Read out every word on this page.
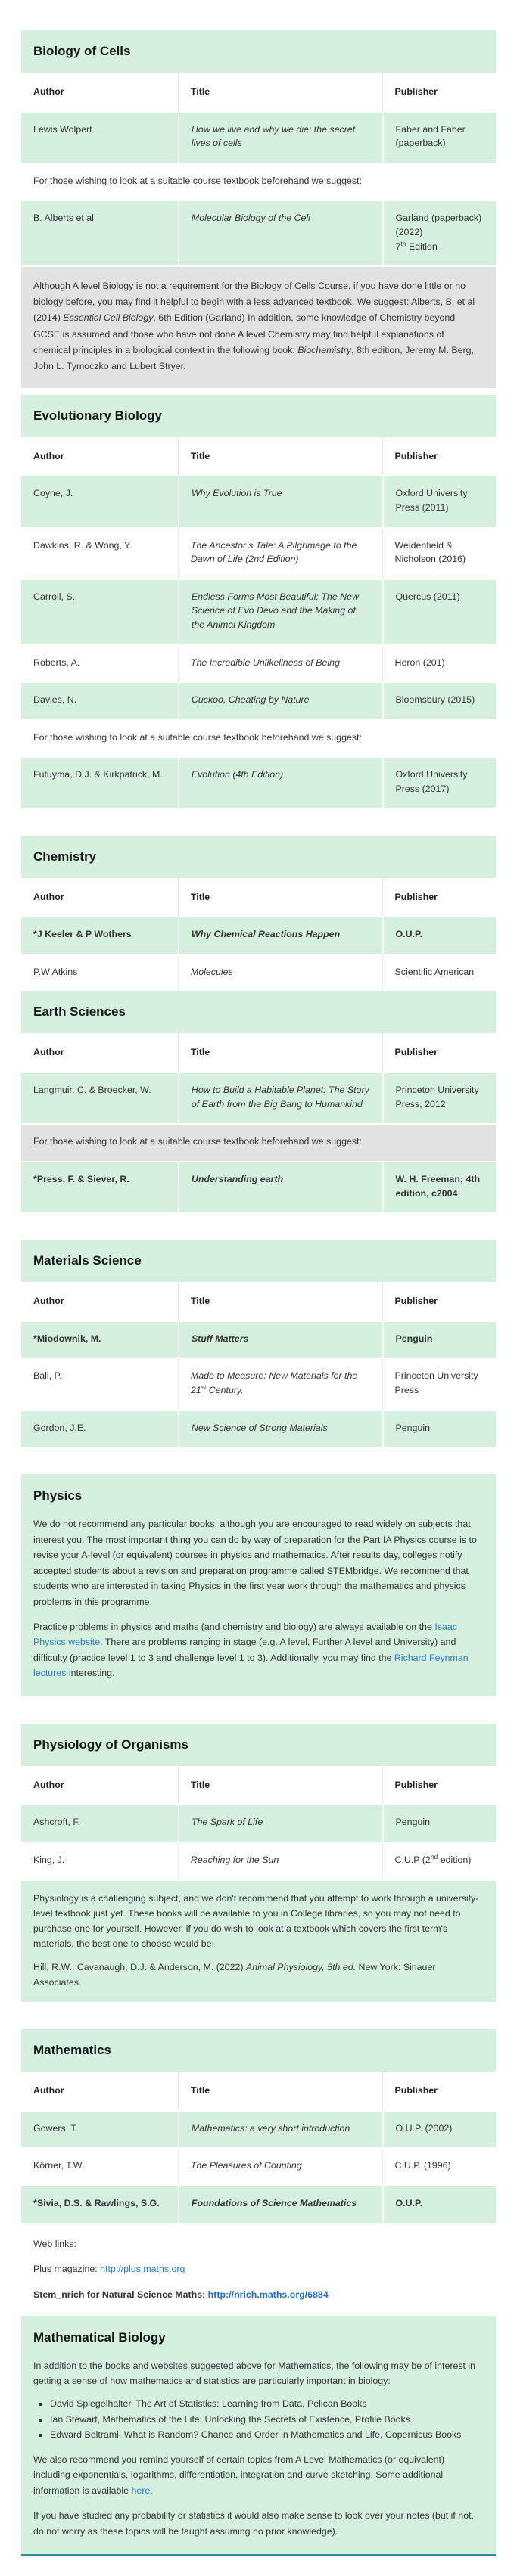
Biology of Cells
Author	Title	Publisher
Lewis Wolpert	How we live and why we die: the secret lives of cells	Faber and Faber (paperback)
For those wishing to look at a suitable course textbook beforehand we suggest:		
B. Alberts et al	Molecular Biology of the Cell	Garland (paperback) (2022)
7th Edition
Although A level Biology is not a requirement for the Biology of Cells Course, if you have done little or no biology before, you may find it helpful to begin with a less advanced textbook. We suggest: Alberts, B. et al (2014) Essential Cell Biology, 6th Edition (Garland) In addition, some knowledge of Chemistry beyond GCSE is assumed and those who have not done A level Chemistry may find helpful explanations of chemical principles in a biological context in the following book: Biochemistry, 8th edition, Jeremy M. Berg, John L. Tymoczko and Lubert Stryer.
Evolutionary Biology
Author	Title	Publisher
Coyne, J.	Why Evolution is True	Oxford University Press (2011)
Dawkins, R. & Wong, Y.	The Ancestor’s Tale: A Pilgrimage to the Dawn of Life (2nd Edition)	Weidenfield & Nicholson (2016)
Carroll, S.	Endless Forms Most Beautiful: The New Science of Evo Devo and the Making of the Animal Kingdom	Quercus (2011)
Roberts, A.	The Incredible Unlikeliness of Being	Heron (201)
Davies, N.	Cuckoo, Cheating by Nature	Bloomsbury (2015)
For those wishing to look at a suitable course textbook beforehand we suggest:		
Futuyma, D.J. & Kirkpatrick, M.	Evolution (4th Edition)	Oxford University Press (2017)
Chemistry
Author	Title	Publisher
*J Keeler & P Wothers	Why Chemical Reactions Happen	O.U.P.
P.W Atkins	Molecules	Scientific American
Earth Sciences
Author	Title	Publisher
Langmuir, C. & Broecker, W.	How to Build a Habitable Planet: The Story of Earth from the Big Bang to Humankind	Princeton University Press, 2012
For those wishing to look at a suitable course textbook beforehand we suggest:		
*Press, F. & Siever, R.	Understanding earth	W. H. Freeman; 4th edition, c2004
Materials Science
Author	Title	Publisher
*Miodownik, M.	Stuff Matters	Penguin
Ball, P.	Made to Measure: New Materials for the 21st Century.	Princeton University Press
Gordon, J.E.	New Science of Strong Materials	Penguin
Physics

We do not recommend any particular books, although you are encouraged to read widely on subjects that interest you. The most important thing you can do by way of preparation for the Part IA Physics course is to revise your A-level (or equivalent) courses in physics and mathematics. After results day, colleges notify accepted students about a revision and preparation programme called STEMbridge. We recommend that students who are interested in taking Physics in the first year work through the mathematics and physics problems in this programme.

Practice problems in physics and maths (and chemistry and biology) are always available on the Isaac Physics website. There are problems ranging in stage (e.g. A level, Further A level and University) and difficulty (practice level 1 to 3 and challenge level 1 to 3). Additionally, you may find the Richard Feynman lectures interesting.

Physiology of Organisms
Author	Title	Publisher
Ashcroft, F.	The Spark of Life	Penguin
King, J.	Reaching for the Sun	C.U.P (2nd edition)

Physiology is a challenging subject, and we don't recommend that you attempt to work through a university-level textbook just yet. These books will be available to you in College libraries, so you may not need to purchase one for yourself. However, if you do wish to look at a textbook which covers the first term's materials, the best one to choose would be:

Hill, R.W., Cavanaugh, D.J. & Anderson, M. (2022) Animal Physiology, 5th ed. New York: Sinauer Associates.		

Mathematics
Author	Title	Publisher
Gowers, T.	Mathematics: a very short introduction	O.U.P. (2002)
Körner, T.W.	The Pleasures of Counting	C.U.P. (1996)
*Sivia, D.S. & Rawlings, S.G.	Foundations of Science Mathematics	O.U.P.

Web links:

Plus magazine: http://plus.maths.org

Stem_nrich for Natural Science Maths: http://nrich.maths.org/6884		

Mathematical Biology

In addition to the books and websites suggested above for Mathematics, the following may be of interest in getting a sense of how mathematics and statistics are particularly important in biology:

▪ David Spiegelhalter, The Art of Statistics: Learning from Data, Pelican Books
▪ Ian Stewart, Mathematics of the Life: Unlocking the Secrets of Existence, Profile Books
▪ Edward Beltrami, What is Random? Chance and Order in Mathematics and Life, Copernicus Books

We also recommend you remind yourself of certain topics from A Level Mathematics (or equivalent) including exponentials, logarithms, differentiation, integration and curve sketching. Some additional information is available here.

If you have studied any probability or statistics it would also make sense to look over your notes (but if not, do not worry as these topics will be taught assuming no prior knowledge).
